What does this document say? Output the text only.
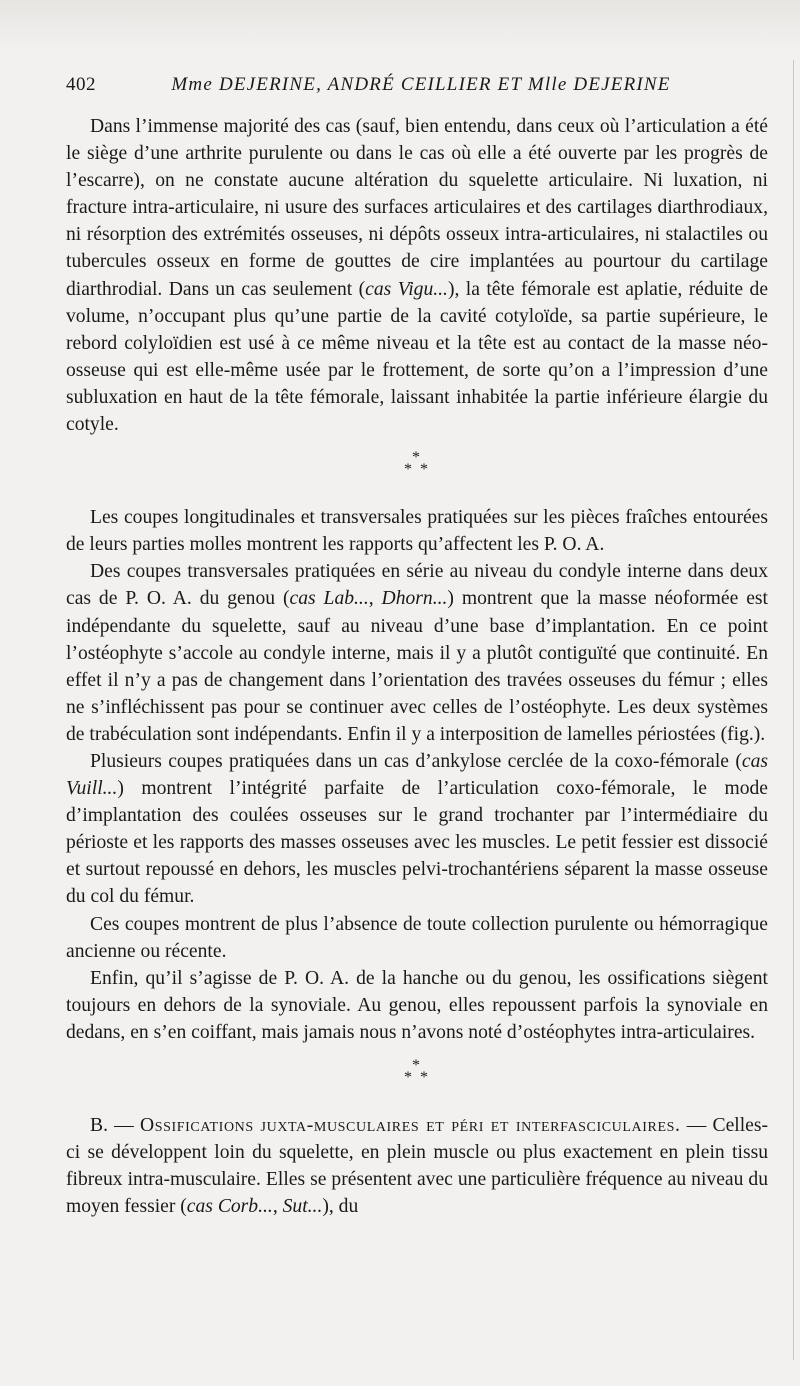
402	Mme DEJERINE, ANDRÉ CEILLIER ET Mlle DEJERINE

Dans l’immense majorité des cas (sauf, bien entendu, dans ceux où l’articulation a été le siège d’une arthrite purulente ou dans le cas où elle a été ouverte par les progrès de l’escarre), on ne constate aucune altération du squelette articulaire. Ni luxation, ni fracture intra-articulaire, ni usure des surfaces articulaires et des cartilages diarthrodiaux, ni résorption des extrémités osseuses, ni dépôts osseux intra-articulaires, ni stalactiles ou tubercules osseux en forme de gouttes de cire implantées au pourtour du cartilage diarthrodial. Dans un cas seulement (cas Vigu...), la tête fémorale est aplatie, réduite de volume, n’occupant plus qu’une partie de la cavité cotyloïde, sa partie supérieure, le rebord colyloïdien est usé à ce même niveau et la tête est au contact de la masse néo-osseuse qui est elle-même usée par le frottement, de sorte qu’on a l’impression d’une subluxation en haut de la tête fémorale, laissant inhabitée la partie inférieure élargie du cotyle.

*
* *

Les coupes longitudinales et transversales pratiquées sur les pièces fraîches entourées de leurs parties molles montrent les rapports qu’affectent les P. O. A.

Des coupes transversales pratiquées en série au niveau du condyle interne dans deux cas de P. O. A. du genou (cas Lab..., Dhorn...) montrent que la masse néoformée est indépendante du squelette, sauf au niveau d’une base d’implantation. En ce point l’ostéophyte s’accole au condyle interne, mais il y a plutôt contiguïté que continuité. En effet il n’y a pas de changement dans l’orientation des travées osseuses du fémur ; elles ne s’infléchissent pas pour se continuer avec celles de l’ostéophyte. Les deux systèmes de trabéculation sont indépendants. Enfin il y a interposition de lamelles périostées (fig.).

Plusieurs coupes pratiquées dans un cas d’ankylose cerclée de la coxo-fémorale (cas Vuill...) montrent l’intégrité parfaite de l’articulation coxo-fémorale, le mode d’implantation des coulées osseuses sur le grand trochanter par l’intermédiaire du périoste et les rapports des masses osseuses avec les muscles. Le petit fessier est dissocié et surtout repoussé en dehors, les muscles pelvi-trochantériens séparent la masse osseuse du col du fémur.

Ces coupes montrent de plus l’absence de toute collection purulente ou hémorragique ancienne ou récente.

Enfin, qu’il s’agisse de P. O. A. de la hanche ou du genou, les ossifications siègent toujours en dehors de la synoviale. Au genou, elles repoussent parfois la synoviale en dedans, en s’en coiffant, mais jamais nous n’avons noté d’ostéophytes intra-articulaires.

*
* *

B. — Ossifications juxta-musculaires et péri et interfasciculaires. — Celles-ci se développent loin du squelette, en plein muscle ou plus exactement en plein tissu fibreux intra-musculaire. Elles se présentent avec une particulière fréquence au niveau du moyen fessier (cas Corb..., Sut...), du
